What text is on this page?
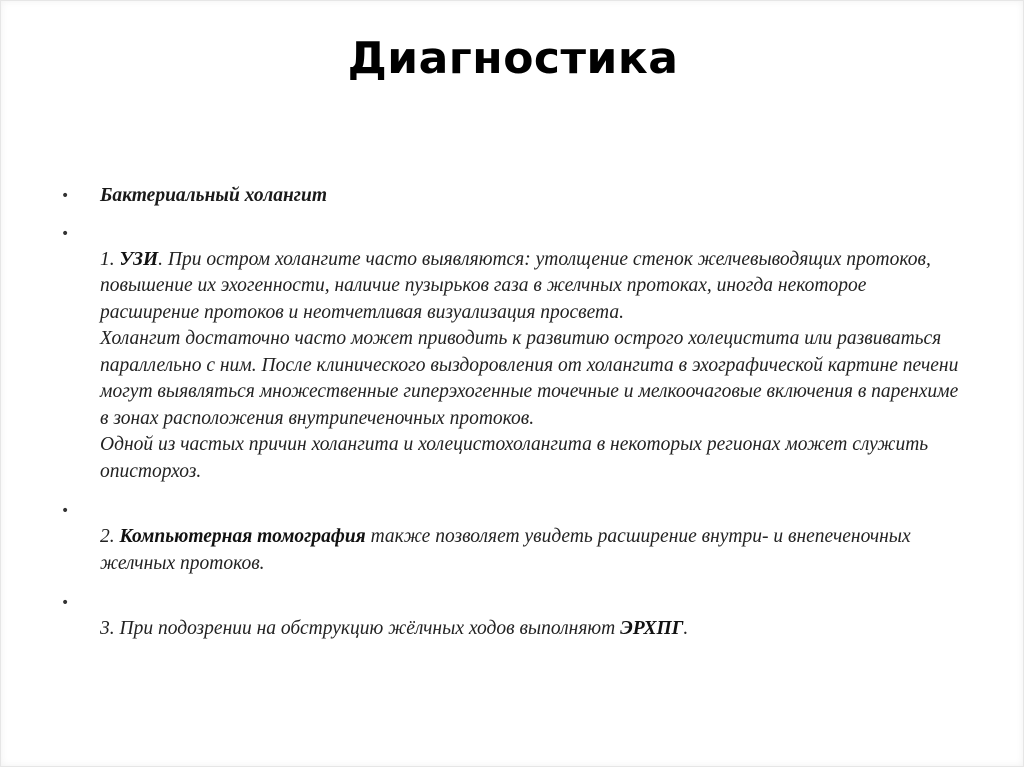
Диагностика
• Бактериальный холангит
•
1. УЗИ. При остром холангите часто выявляются: утолщение стенок желчевыводящих протоков, повышение их эхогенности, наличие пузырьков газа в желчных протоках, иногда некоторое расширение протоков и неотчетливая визуализация просвета.
Холангит достаточно часто может приводить к развитию острого холецистита или развиваться параллельно с ним. После клинического выздоровления от холангита в эхографической картине печени могут выявляться множественные гиперэхогенные точечные и мелкоочаговые включения в паренхиме в зонах расположения внутрипеченочных протоков.
Одной из частых причин холангита и холецистохолангита в некоторых регионах может служить описторхоз.
•
2. Компьютерная томография также позволяет увидеть расширение внутри- и внепеченочных желчных протоков.
•
3. При подозрении на обструкцию жёлчных ходов выполняют ЭРХПГ.
